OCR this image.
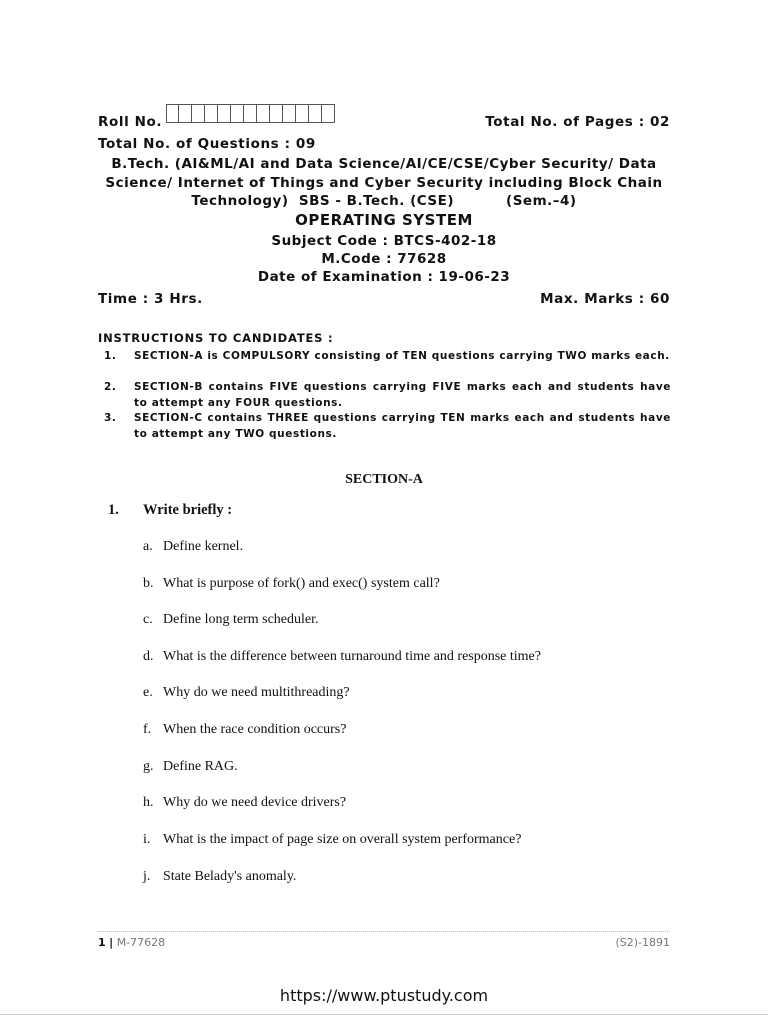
Roll No.	Total No. of Pages : 02
Total No. of Questions : 09
B.Tech. (AI&ML/AI and Data Science/AI/CE/CSE/Cyber Security/ Data
Science/ Internet of Things and Cyber Security including Block Chain
Technology)  SBS - B.Tech. (CSE)          (Sem.–4)
OPERATING SYSTEM
Subject Code : BTCS-402-18
M.Code : 77628
Date of Examination : 19-06-23
Time : 3 Hrs.	Max. Marks : 60
INSTRUCTIONS TO CANDIDATES :
1. SECTION-A is COMPULSORY consisting of TEN questions carrying TWO marks each.
2. SECTION-B contains FIVE questions carrying FIVE marks each and students have to attempt any FOUR questions.
3. SECTION-C contains THREE questions carrying TEN marks each and students have to attempt any TWO questions.
SECTION-A
1. Write briefly :
a. Define kernel.
b. What is purpose of fork() and exec() system call?
c. Define long term scheduler.
d. What is the difference between turnaround time and response time?
e. Why do we need multithreading?
f. When the race condition occurs?
g. Define RAG.
h. Why do we need device drivers?
i. What is the impact of page size on overall system performance?
j. State Belady's anomaly.
1 | M-77628	(S2)-1891
https://www.ptustudy.com
